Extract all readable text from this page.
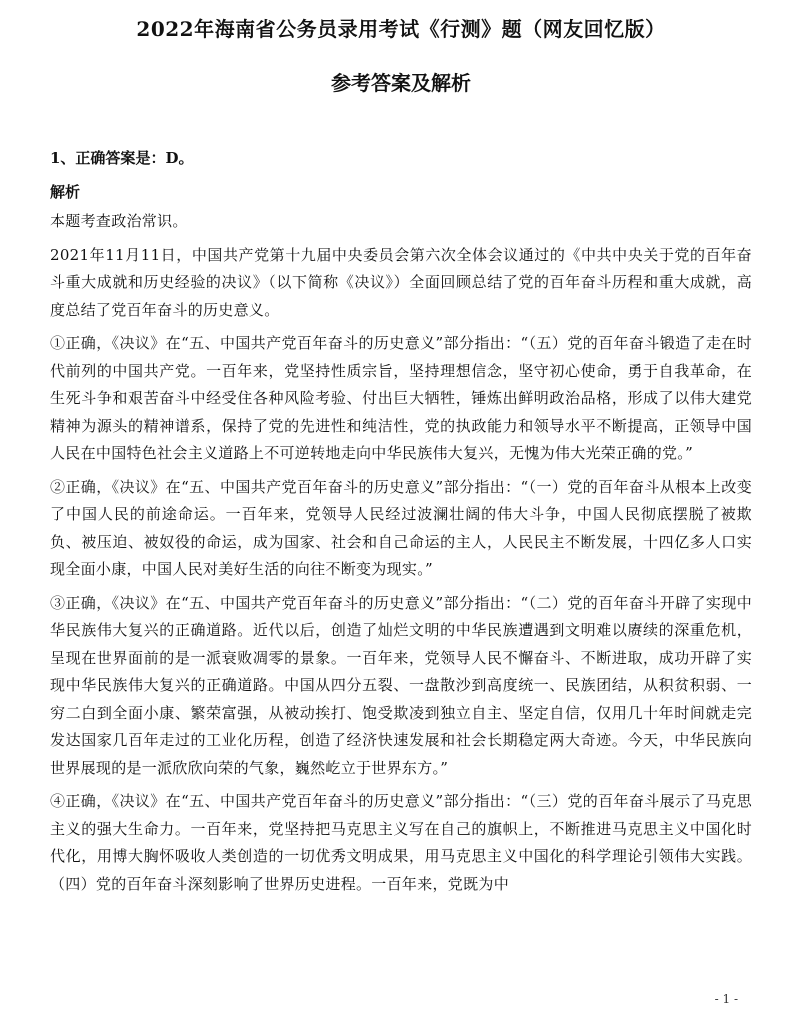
2022年海南省公务员录用考试《行测》题（网友回忆版）
参考答案及解析
1、正确答案是：D。
解析

本题考查政治常识。

2021年11月11日，中国共产党第十九届中央委员会第六次全体会议通过的《中共中央关于党的百年奋斗重大成就和历史经验的决议》（以下简称《决议》）全面回顾总结了党的百年奋斗历程和重大成就，高度总结了党百年奋斗的历史意义。

①正确，《决议》在“五、中国共产党百年奋斗的历史意义”部分指出：“（五）党的百年奋斗锻造了走在时代前列的中国共产党。一百年来，党坚持性质宗旨，坚持理想信念，坚守初心使命，勇于自我革命，在生死斗争和艰苦奋斗中经受住各种风险考验、付出巨大牺牲，锤炼出鲜明政治品格，形成了以伟大建党精神为源头的精神谱系，保持了党的先进性和纯洁性，党的执政能力和领导水平不断提高，正领导中国人民在中国特色社会主义道路上不可逆转地走向中华民族伟大复兴，无愧为伟大光荣正确的党。”

②正确，《决议》在“五、中国共产党百年奋斗的历史意义”部分指出：“（一）党的百年奋斗从根本上改变了中国人民的前途命运。一百年来，党领导人民经过波澜壮阔的伟大斗争，中国人民彻底摆脱了被欺负、被压迫、被奴役的命运，成为国家、社会和自己命运的主人，人民民主不断发展，十四亿多人口实现全面小康，中国人民对美好生活的向往不断变为现实。”

③正确，《决议》在“五、中国共产党百年奋斗的历史意义”部分指出：“（二）党的百年奋斗开辟了实现中华民族伟大复兴的正确道路。近代以后，创造了灿烂文明的中华民族遭遇到文明难以赓续的深重危机，呈现在世界面前的是一派衰败凋零的景象。一百年来，党领导人民不懈奋斗、不断进取，成功开辟了实现中华民族伟大复兴的正确道路。中国从四分五裂、一盘散沙到高度统一、民族团结，从积贫积弱、一穷二白到全面小康、繁荣富强，从被动挨打、饱受欺凌到独立自主、坚定自信，仅用几十年时间就走完发达国家几百年走过的工业化历程，创造了经济快速发展和社会长期稳定两大奇迹。今天，中华民族向世界展现的是一派欣欣向荣的气象，巍然屹立于世界东方。”

④正确，《决议》在“五、中国共产党百年奋斗的历史意义”部分指出：“（三）党的百年奋斗展示了马克思主义的强大生命力。一百年来，党坚持把马克思主义写在自己的旗帜上，不断推进马克思主义中国化时代化，用博大胸怀吸收人类创造的一切优秀文明成果，用马克思主义中国化的科学理论引领伟大实践。（四）党的百年奋斗深刻影响了世界历史进程。一百年来，党既为中

- 1 -
